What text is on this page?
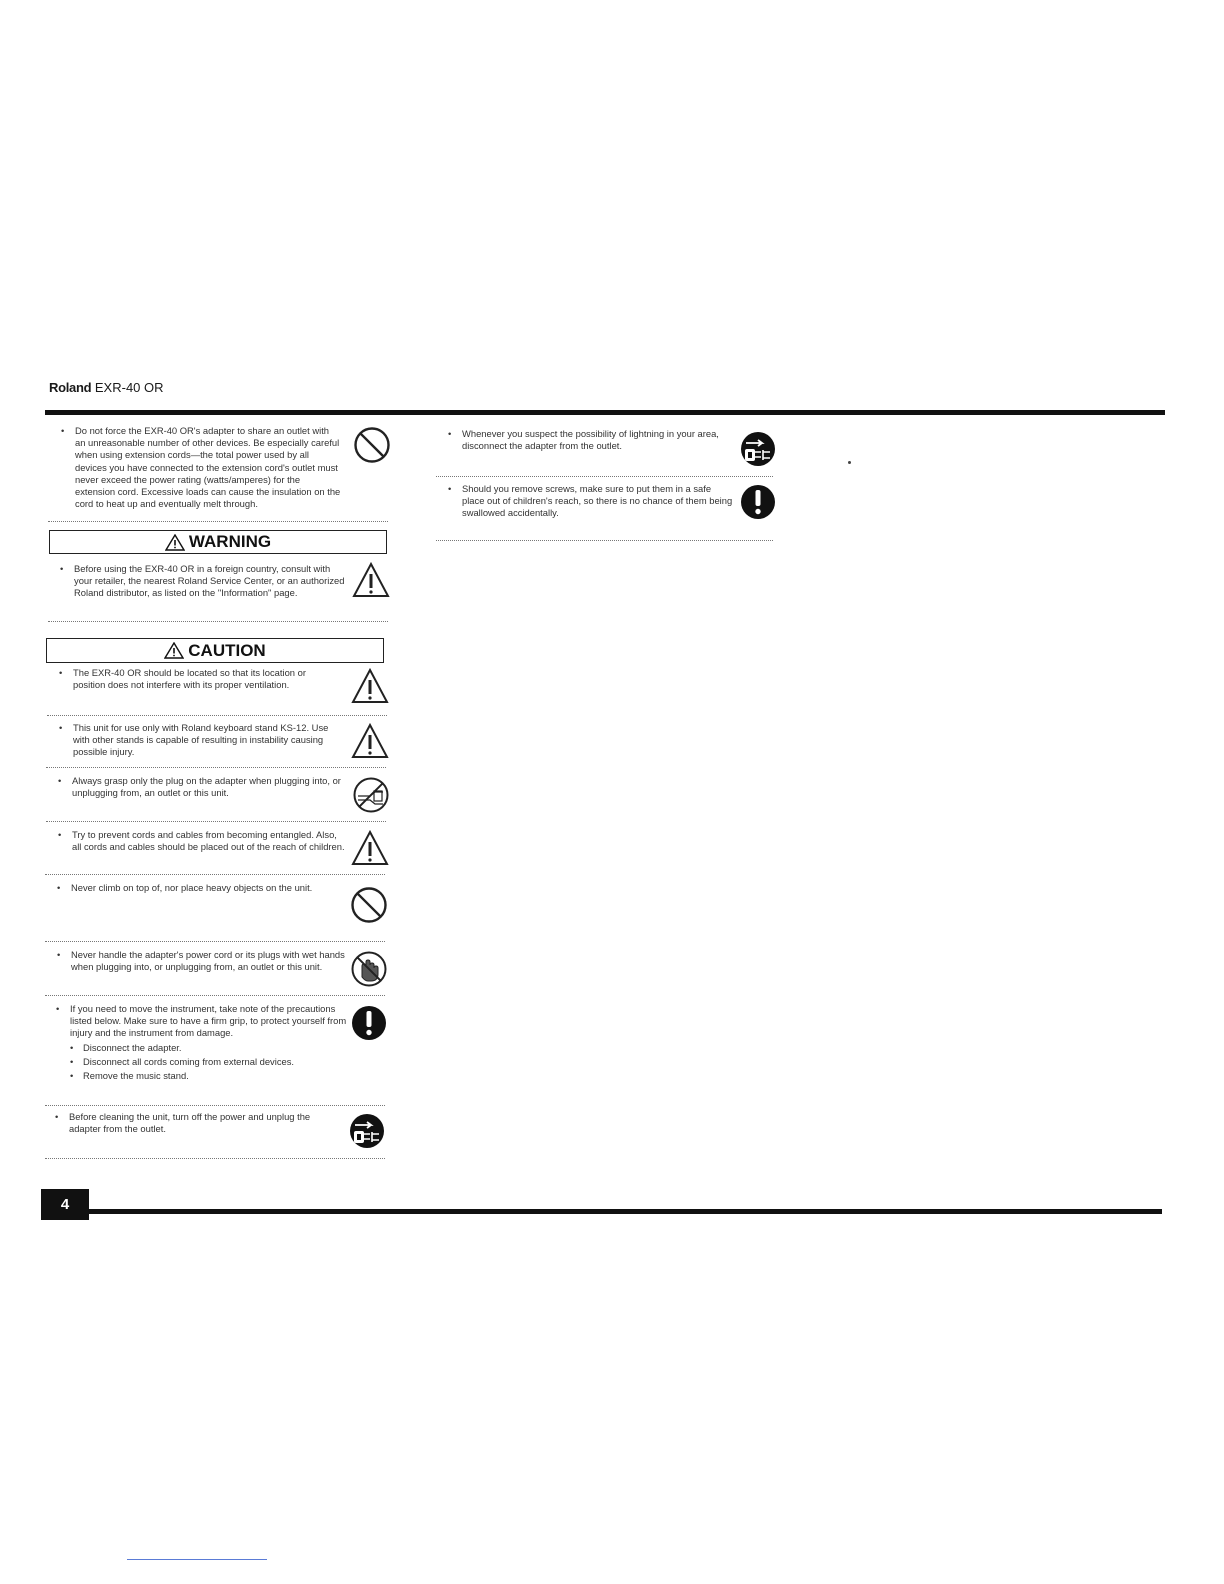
Roland EXR-40 OR
•	Do not force the EXR-40 OR's adapter to share an outlet with an unreasonable number of other devices. Be especially careful when using extension cords—the total power used by all devices you have connected to the extension cord's outlet must never exceed the power rating (watts/amperes) for the extension cord. Excessive loads can cause the insulation on the cord to heat up and eventually melt through.
WARNING
•	Before using the EXR-40 OR in a foreign country, consult with your retailer, the nearest Roland Service Center, or an authorized Roland distributor, as listed on the "Information" page.
CAUTION
•	The EXR-40 OR should be located so that its location or position does not interfere with its proper ventilation.
•	This unit for use only with Roland keyboard stand KS-12. Use with other stands is capable of resulting in instability causing possible injury.
•	Always grasp only the plug on the adapter when plugging into, or unplugging from, an outlet or this unit.
•	Try to prevent cords and cables from becoming entangled. Also, all cords and cables should be placed out of the reach of children.
•	Never climb on top of, nor place heavy objects on the unit.
•	Never handle the adapter's power cord or its plugs with wet hands when plugging into, or unplugging from, an outlet or this unit.
•	If you need to move the instrument, take note of the precautions listed below. Make sure to have a firm grip, to protect yourself from injury and the instrument from damage.
• Disconnect the adapter.
• Disconnect all cords coming from external devices.
• Remove the music stand.
•	Before cleaning the unit, turn off the power and unplug the adapter from the outlet.
•	Whenever you suspect the possibility of lightning in your area, disconnect the adapter from the outlet.
•	Should you remove screws, make sure to put them in a safe place out of children's reach, so there is no chance of them being swallowed accidentally.
4
